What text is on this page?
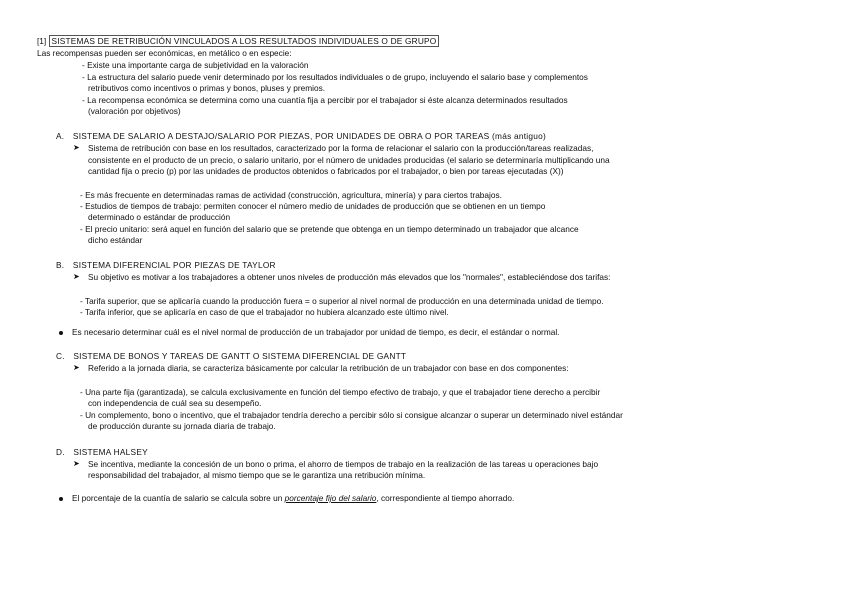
[1] SISTEMAS DE RETRIBUCIÓN VINCULADOS A LOS RESULTADOS INDIVIDUALES O DE GRUPO
Las recompensas pueden ser económicas, en metálico o en especie:
- Existe una importante carga de subjetividad en la valoración
- La estructura del salario puede venir determinado por los resultados individuales o de grupo, incluyendo el salario base y complementos
retributivos como incentivos o primas y bonos, pluses y premios.
- La recompensa económica se determina como una cuantía fija a percibir por el trabajador si éste alcanza determinados resultados
(valoración por objetivos)
A. SISTEMA DE SALARIO A DESTAJO/SALARIO POR PIEZAS, POR UNIDADES DE OBRA O POR TAREAS (más antiguo)
➤ Sistema de retribución con base en los resultados, caracterizado por la forma de relacionar el salario con la producción/tareas realizadas,
consistente en el producto de un precio, o salario unitario, por el número de unidades producidas (el salario se determinaría multiplicando una
cantidad fija o precio (p) por las unidades de productos obtenidos o fabricados por el trabajador, o bien por tareas ejecutadas (X))
- Es más frecuente en determinadas ramas de actividad (construcción, agricultura, minería) y para ciertos trabajos.
- Estudios de tiempos de trabajo: permiten conocer el número medio de unidades de producción que se obtienen en un tiempo
determinado o estándar de producción
- El precio unitario: será aquel en función del salario que se pretende que obtenga en un tiempo determinado un trabajador que alcance
dicho estándar
B. SISTEMA DIFERENCIAL POR PIEZAS DE TAYLOR
➤ Su objetivo es motivar a los trabajadores a obtener unos niveles de producción más elevados que los "normales", estableciéndose dos tarifas:
- Tarifa superior, que se aplicaría cuando la producción fuera = o superior al nivel normal de producción en una determinada unidad de tiempo.
- Tarifa inferior, que se aplicaría en caso de que el trabajador no hubiera alcanzado este último nivel.
Es necesario determinar cuál es el nivel normal de producción de un trabajador por unidad de tiempo, es decir, el estándar o normal.
C. SISTEMA DE BONOS Y TAREAS DE GANTT O SISTEMA DIFERENCIAL DE GANTT
➤ Referido a la jornada diaria, se caracteriza básicamente por calcular la retribución de un trabajador con base en dos componentes:
- Una parte fija (garantizada), se calcula exclusivamente en función del tiempo efectivo de trabajo, y que el trabajador tiene derecho a percibir
con independencia de cuál sea su desempeño.
- Un complemento, bono o incentivo, que el trabajador tendría derecho a percibir sólo si consigue alcanzar o superar un determinado nivel estándar
de producción durante su jornada diaria de trabajo.
D. SISTEMA HALSEY
➤ Se incentiva, mediante la concesión de un bono o prima, el ahorro de tiempos de trabajo en la realización de las tareas u operaciones bajo
responsabilidad del trabajador, al mismo tiempo que se le garantiza una retribución mínima.
El porcentaje de la cuantía de salario se calcula sobre un porcentaje fijo del salario, correspondiente al tiempo ahorrado.
